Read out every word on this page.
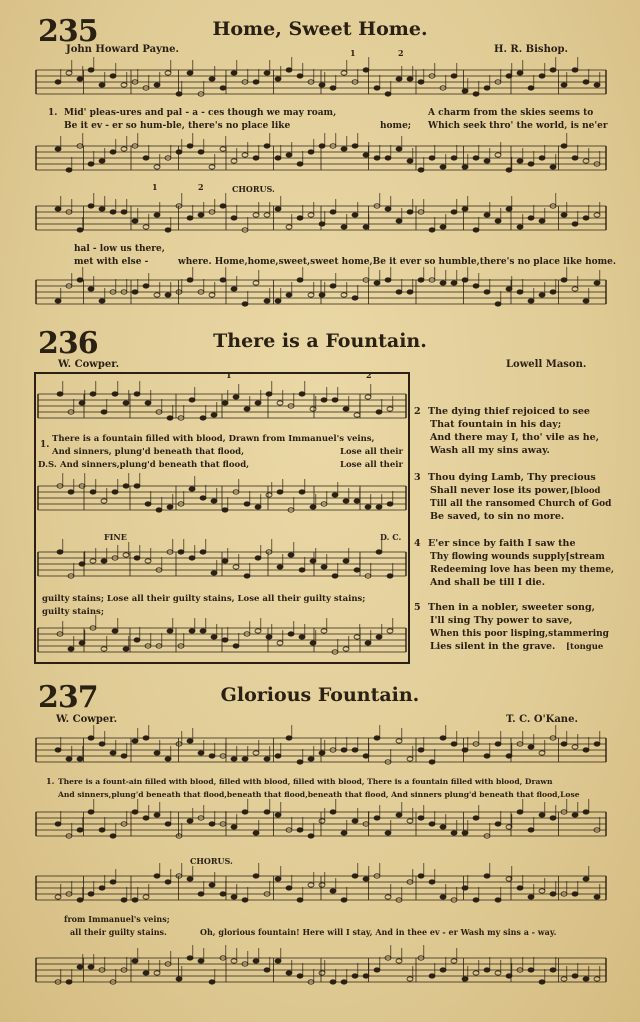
235	Home, Sweet Home.
John Howard Payne.	H. R. Bishop.
1	2
1. Mid' pleas-ures and pal - a - ces though we may roam,
Be it ev - er so hum-ble, there's no place like	home;
A charm from the skies seems to
Which seek thro' the world, is ne'er
1	2	CHORUS.
hal - low us there,
met with else -	where. Home,home,sweet,sweet home,Be it ever so humble,there's no place like home.
236	There is a Fountain.
W. Cowper.	Lowell Mason.
1	2
1.
There is a fountain filled with blood, Drawn from Immanuel's veins,
And sinners, plung'd beneath that flood,	Lose all their
D.S. And sinners,plung'd beneath that flood,	Lose all their
FINE	D. C.
guilty stains; Lose all their guilty stains, Lose all their guilty stains;
guilty stains;
2 The dying thief rejoiced to see
That fountain in his day;
And there may I, tho' vile as he,
Wash all my sins away.
3 Thou dying Lamb, Thy precious
Shall never lose its power, [blood
Till all the ransomed Church of God
Be saved, to sin no more.
4 E'er since by faith I saw the
Thy flowing wounds supply[stream
Redeeming love has been my theme,
And shall be till I die.
5 Then in a nobler, sweeter song,
I'll sing Thy power to save,
When this poor lisping,stammering
Lies silent in the grave. [tongue
237	Glorious Fountain.
W. Cowper.	T. C. O'Kane.
1. There is a fount-ain filled with blood, filled with blood, filled with blood, There is a fountain filled with blood, Drawn
And sinners,plung'd beneath that flood,beneath that flood,beneath that flood, And sinners plung'd beneath that flood,Lose
CHORUS.
from Immanuel's veins;
all their guilty stains.	Oh, glorious fountain! Here will I stay, And in thee ev - er Wash my sins a - way.
